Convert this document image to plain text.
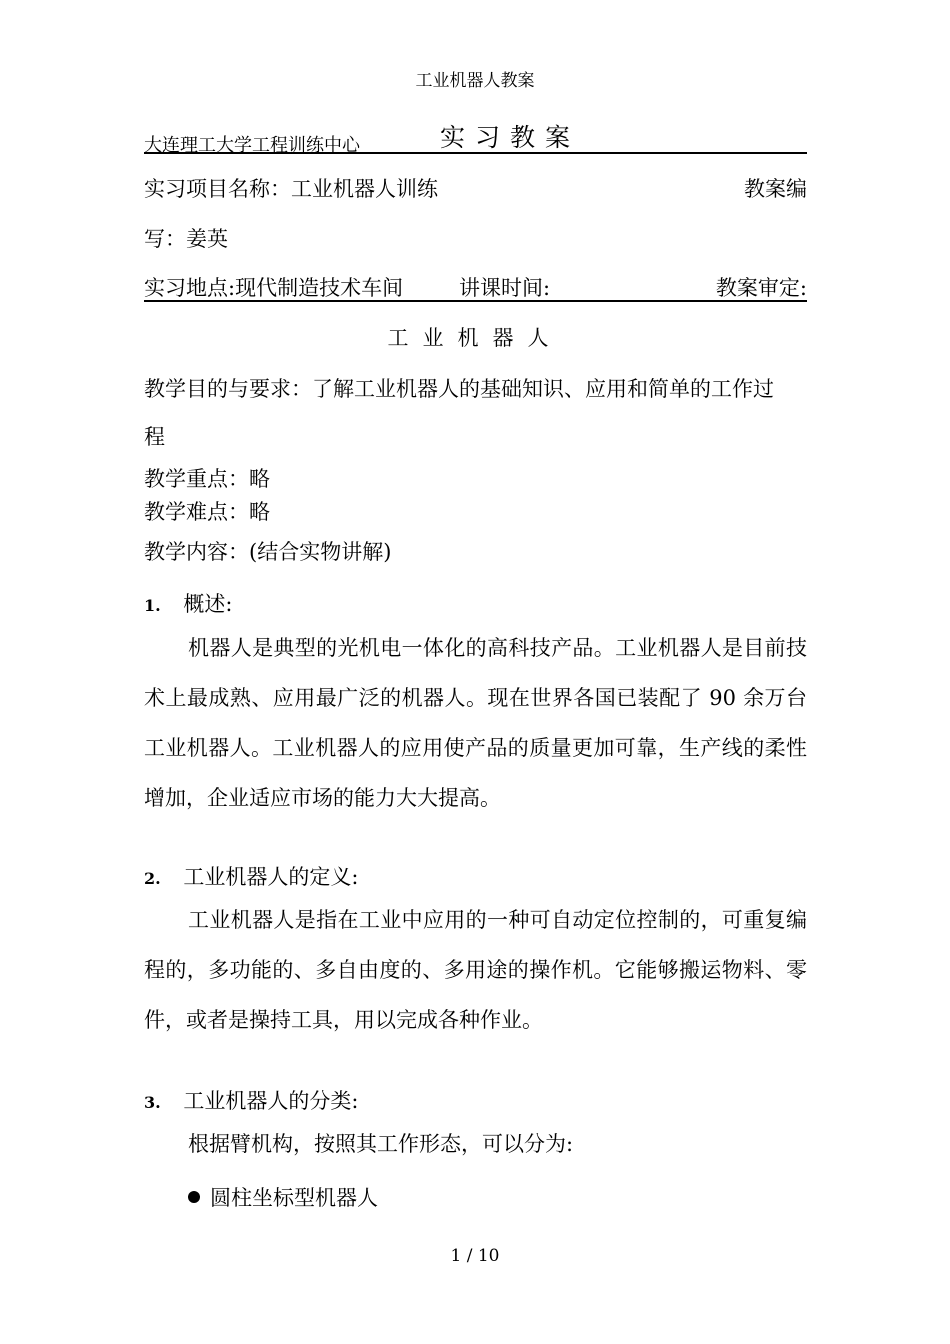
工业机器人教案
大连理工大学工程训练中心	实习教案
实习项目名称：工业机器人训练	教案编
写：姜英
实习地点:现代制造技术车间	讲课时间:	教案审定:
工业机器人
教学目的与要求：了解工业机器人的基础知识、应用和简单的工作过
程
教学重点：略
教学难点：略
教学内容：(结合实物讲解)
1. 概述:

机器人是典型的光机电一体化的高科技产品。工业机器人是目前技术上最成熟、应用最广泛的机器人。现在世界各国已装配了 90 余万台工业机器人。工业机器人的应用使产品的质量更加可靠，生产线的柔性增加，企业适应市场的能力大大提高。

2. 工业机器人的定义:

工业机器人是指在工业中应用的一种可自动定位控制的，可重复编程的，多功能的、多自由度的、多用途的操作机。它能够搬运物料、零件，或者是操持工具，用以完成各种作业。

3. 工业机器人的分类:

根据臂机构，按照其工作形态，可以分为:

圆柱坐标型机器人
1 / 10
